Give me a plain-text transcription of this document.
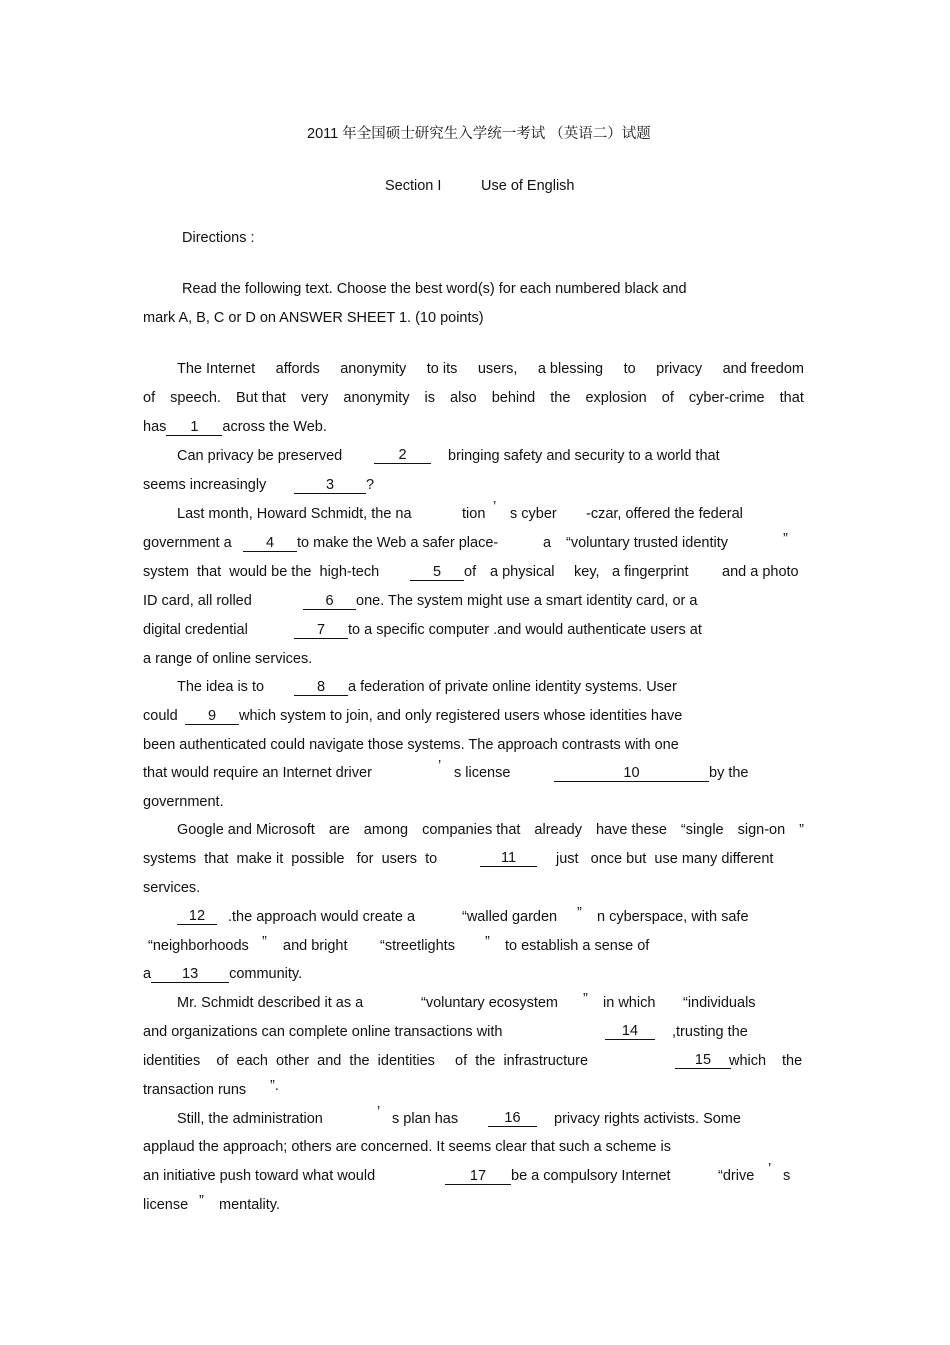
2011 年全国硕士研究生入学统一考试 （英语二）试题
Section I	Use of English
Directions :
Read the following text. Choose the best word(s) for each numbered black and
mark A, B, C or D on ANSWER SHEET 1. (10 points)
The Internet affords anonymity to its users, a blessing to privacy and freedom
of speech. But that very anonymity is also behind the explosion of cyber-crime that
has 1 across the Web.
Can privacy be preserved	2	bringing safety and security to a world that
seems increasingly	3 ?
Last month, Howard Schmidt, the na	tion ’ s cyber -czar, offered the federal
government a	4 to make the Web a safer place-	a “voluntary trusted identity	”
system  that  would be the  high-tech	5 of a physical key, a fingerprint and a photo
ID card, all rolled	6 one. The system might use a smart identity card, or a
digital credential	7 to a specific computer .and would authenticate users at
a range of online services.
The idea is to	8 a federation of private online identity systems. User
could	9 which system to join, and only registered users whose identities have
been authenticated could navigate those systems. The approach contrasts with one
that would require an Internet driver	’ s license	10	by the
government.
Google and Microsoft are among companies that already have these “single sign-on ”
systems that make it possible for users to	11	just once but use many different
services.
12	.the approach would create a	“walled garden ” n cyberspace, with safe
“neighborhoods ” and bright “streetlights ” to establish a sense of
a 13 community.
Mr. Schmidt described it as a	“voluntary ecosystem ” in which “individuals
and organizations can complete online transactions with	14	,trusting the
identities of each other and the identities of the infrastructure	15	which the
transaction runs ”.
Still, the administration	’ s plan has	16	privacy rights activists. Some
applaud the approach; others are concerned. It seems clear that such a scheme is
an initiative push toward what would	17 be a compulsory Internet	“drive ’ s
license ” mentality.
